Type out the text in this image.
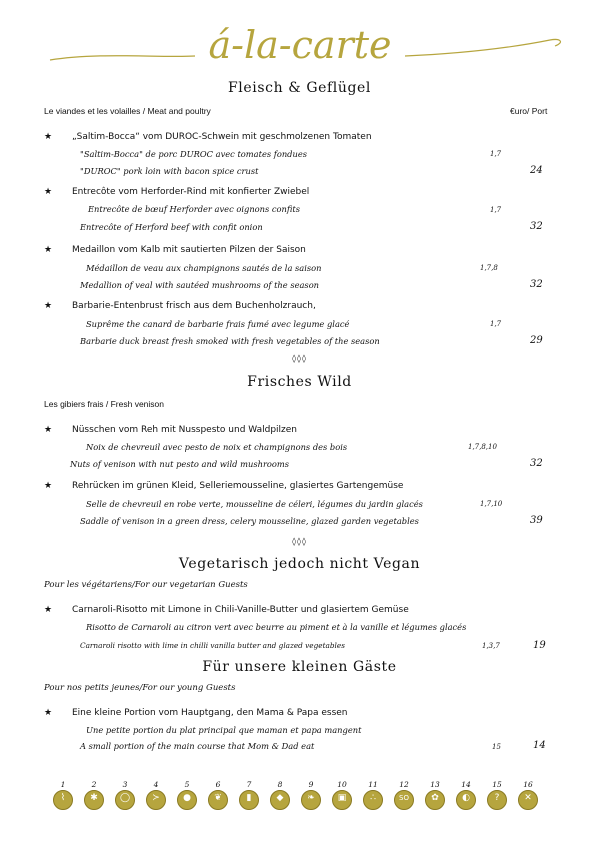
á-la-carte
Fleisch & Geflügel
Le viandes et les volailles / Meat and poultry	€uro/ Port
★ „Saltim-Bocca“ vom DUROC-Schwein mit geschmolzenen Tomaten
"Saltim-Bocca" de porc DUROC avec tomates fondues	1,7
"DUROC" pork loin with bacon spice crust	24
★ Entrecôte vom Herforder-Rind mit konfierter Zwiebel
Entrecôte de bœuf Herforder avec oignons confits	1,7
Entrecôte of Herford beef with confit onion	32
★ Medaillon vom Kalb mit sautierten Pilzen der Saison
Médaillon de veau aux champignons sautés de la saison	1,7,8
Medallion of veal with sautéed mushrooms of the season	32
★ Barbarie-Entenbrust frisch aus dem Buchenholzrauch,
Suprême the canard de barbarie frais fumé avec legume glacé	1,7
Barbarie duck breast fresh smoked with fresh vegetables of the season	29
◊◊◊
Frisches Wild
Les gibiers frais / Fresh venison
★ Nüsschen vom Reh mit Nusspesto und Waldpilzen
Noix de chevreuil avec pesto de noix et champignons des bois	1,7,8,10
Nuts of venison with nut pesto and wild mushrooms	32
★ Rehrücken im grünen Kleid, Selleriemousseline, glasiertes Gartengemüse
Selle de chevreuil en robe verte, mousseline de céleri, légumes du jardin glacés	1,7,10
Saddle of venison in a green dress, celery mousseline, glazed garden vegetables	39
◊◊◊
Vegetarisch jedoch nicht Vegan
Pour les végétariens/For our vegetarian Guests
★ Carnaroli-Risotto mit Limone in Chili-Vanille-Butter und glasiertem Gemüse
Risotto de Carnaroli au citron vert avec beurre au piment et à la vanille et légumes glacés
Carnaroli risotto with lime in chilli vanilla butter and glazed vegetables	1,3,7	19
Für unsere kleinen Gäste
Pour nos petits jeunes/For our young Guests
★ Eine kleine Portion vom Hauptgang, den Mama & Papa essen
Une petite portion du plat principal que maman et papa mangent
A small portion of the main course that Mom & Dad eat	15	14
1
⌇
2
✱
3
◯
4
≻
5
●
6
❦
7
▮
8
◆
9
❧
10
▣
11
∴
12
SO
13
✿
14
◐
15
?
16
✕
